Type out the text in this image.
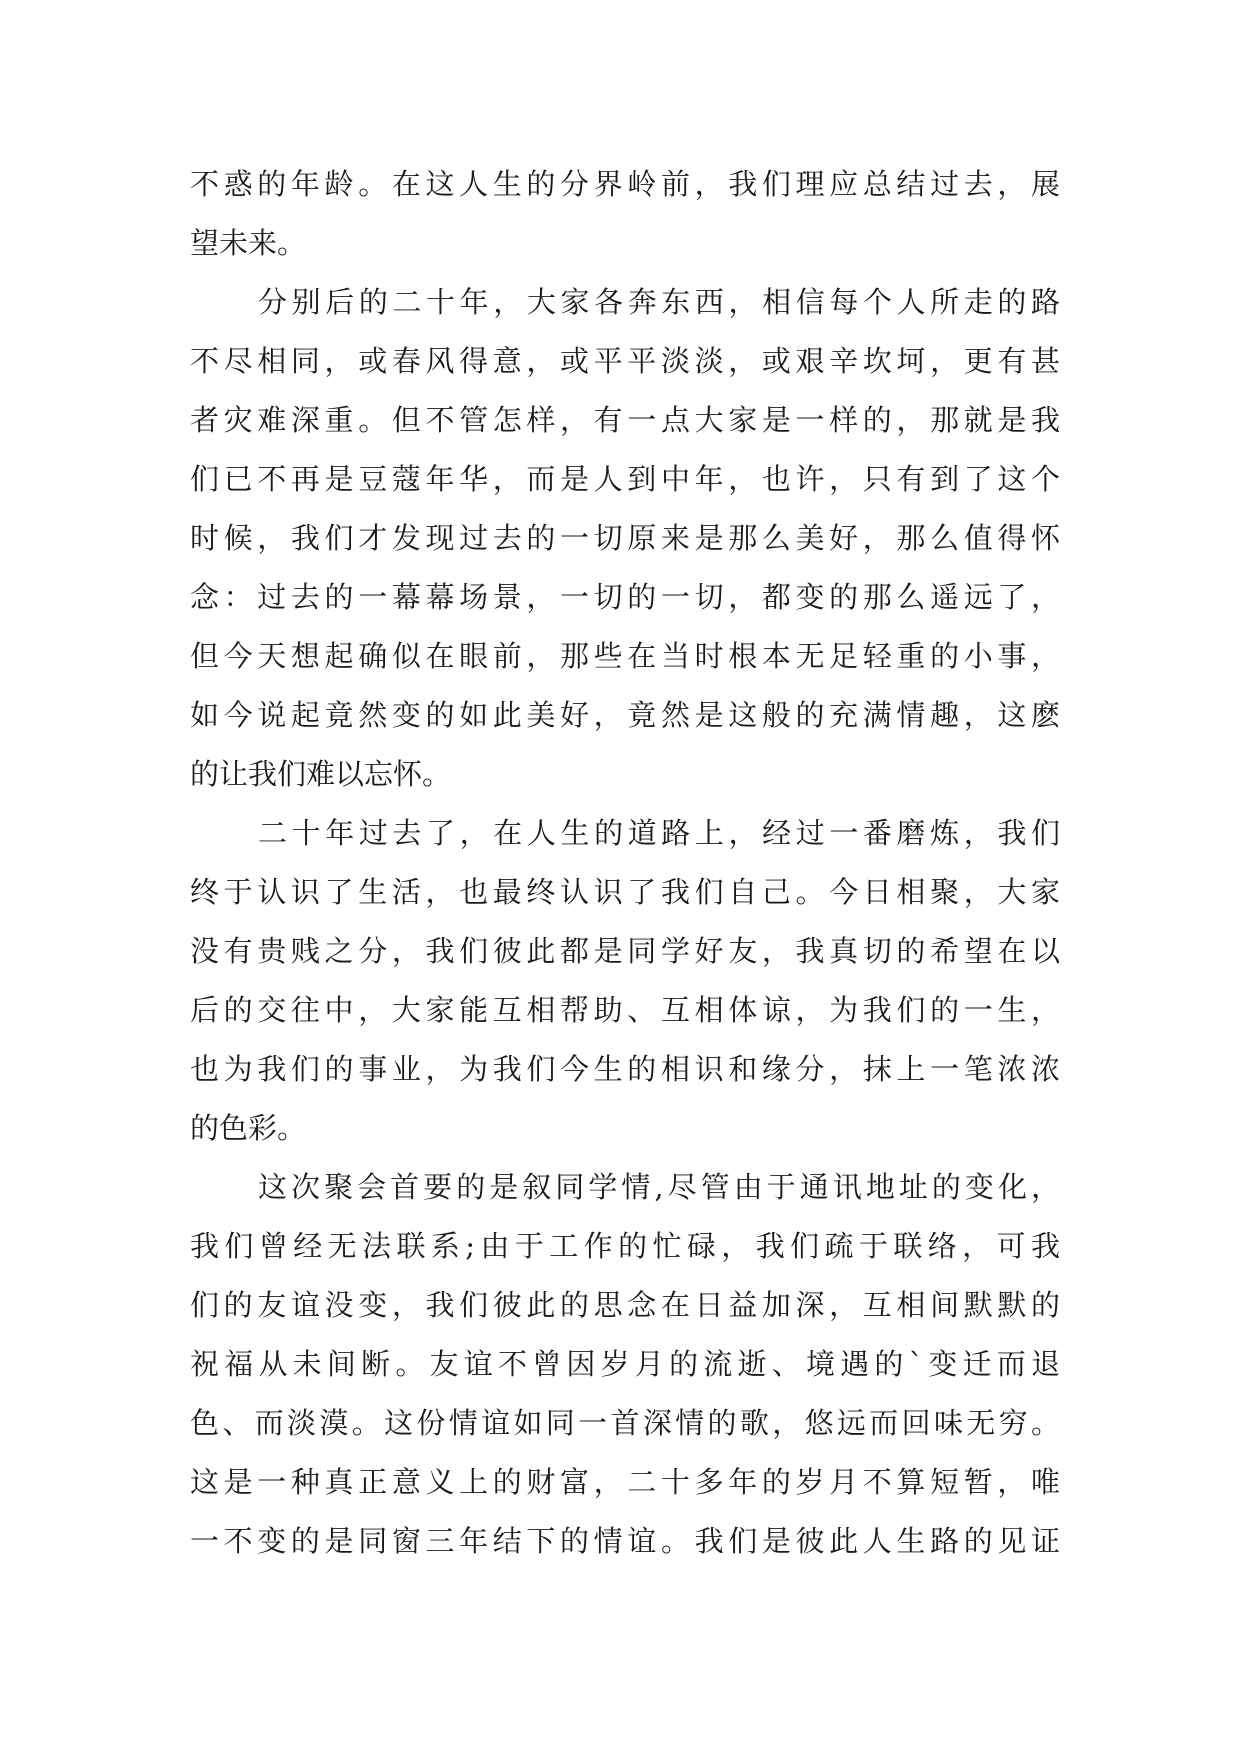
不惑的年龄。在这人生的分界岭前，我们理应总结过去，展
望未来。
分别后的二十年，大家各奔东西，相信每个人所走的路
不尽相同，或春风得意，或平平淡淡，或艰辛坎坷，更有甚
者灾难深重。但不管怎样，有一点大家是一样的，那就是我
们已不再是豆蔻年华，而是人到中年，也许，只有到了这个
时候，我们才发现过去的一切原来是那么美好，那么值得怀
念：过去的一幕幕场景，一切的一切，都变的那么遥远了，
但今天想起确似在眼前，那些在当时根本无足轻重的小事，
如今说起竟然变的如此美好，竟然是这般的充满情趣，这麽
的让我们难以忘怀。
二十年过去了，在人生的道路上，经过一番磨炼，我们
终于认识了生活，也最终认识了我们自己。今日相聚，大家
没有贵贱之分，我们彼此都是同学好友，我真切的希望在以
后的交往中，大家能互相帮助、互相体谅，为我们的一生，
也为我们的事业，为我们今生的相识和缘分，抹上一笔浓浓
的色彩。
这次聚会首要的是叙同学情,尽管由于通讯地址的变化，
我们曾经无法联系;由于工作的忙碌，我们疏于联络，可我
们的友谊没变，我们彼此的思念在日益加深，互相间默默的
祝福从未间断。友谊不曾因岁月的流逝、境遇的`变迁而退
色、而淡漠。这份情谊如同一首深情的歌，悠远而回味无穷。
这是一种真正意义上的财富，二十多年的岁月不算短暂，唯
一不变的是同窗三年结下的情谊。我们是彼此人生路的见证
